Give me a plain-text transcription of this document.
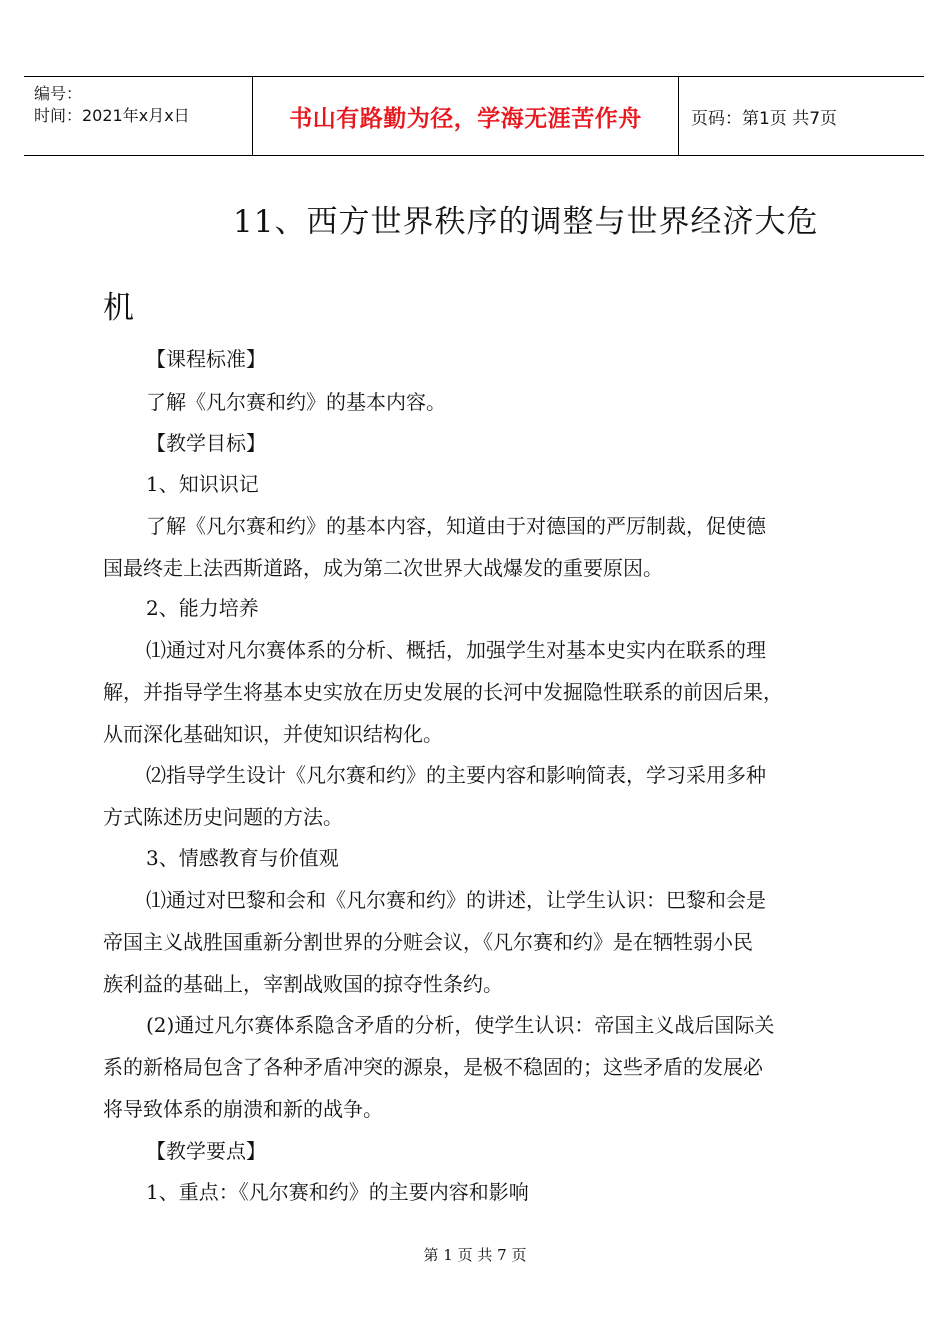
编号：
时间：2021年x月x日	书山有路勤为径，学海无涯苦作舟	页码：第1页 共7页
11、西方世界秩序的调整与世界经济大危
机
【课程标准】
了解《凡尔赛和约》的基本内容。
【教学目标】
1、知识识记
了解《凡尔赛和约》的基本内容，知道由于对德国的严厉制裁，促使德
国最终走上法西斯道路，成为第二次世界大战爆发的重要原因。
2、能力培养
⑴通过对凡尔赛体系的分析、概括，加强学生对基本史实内在联系的理
解，并指导学生将基本史实放在历史发展的长河中发掘隐性联系的前因后果，
从而深化基础知识，并使知识结构化。
⑵指导学生设计《凡尔赛和约》的主要内容和影响简表，学习采用多种
方式陈述历史问题的方法。
3、情感教育与价值观
⑴通过对巴黎和会和《凡尔赛和约》的讲述，让学生认识：巴黎和会是
帝国主义战胜国重新分割世界的分赃会议，《凡尔赛和约》是在牺牲弱小民
族利益的基础上，宰割战败国的掠夺性条约。
(2)通过凡尔赛体系隐含矛盾的分析，使学生认识：帝国主义战后国际关
系的新格局包含了各种矛盾冲突的源泉，是极不稳固的；这些矛盾的发展必
将导致体系的崩溃和新的战争。
【教学要点】
1、重点：《凡尔赛和约》的主要内容和影响
第 1 页 共 7 页
